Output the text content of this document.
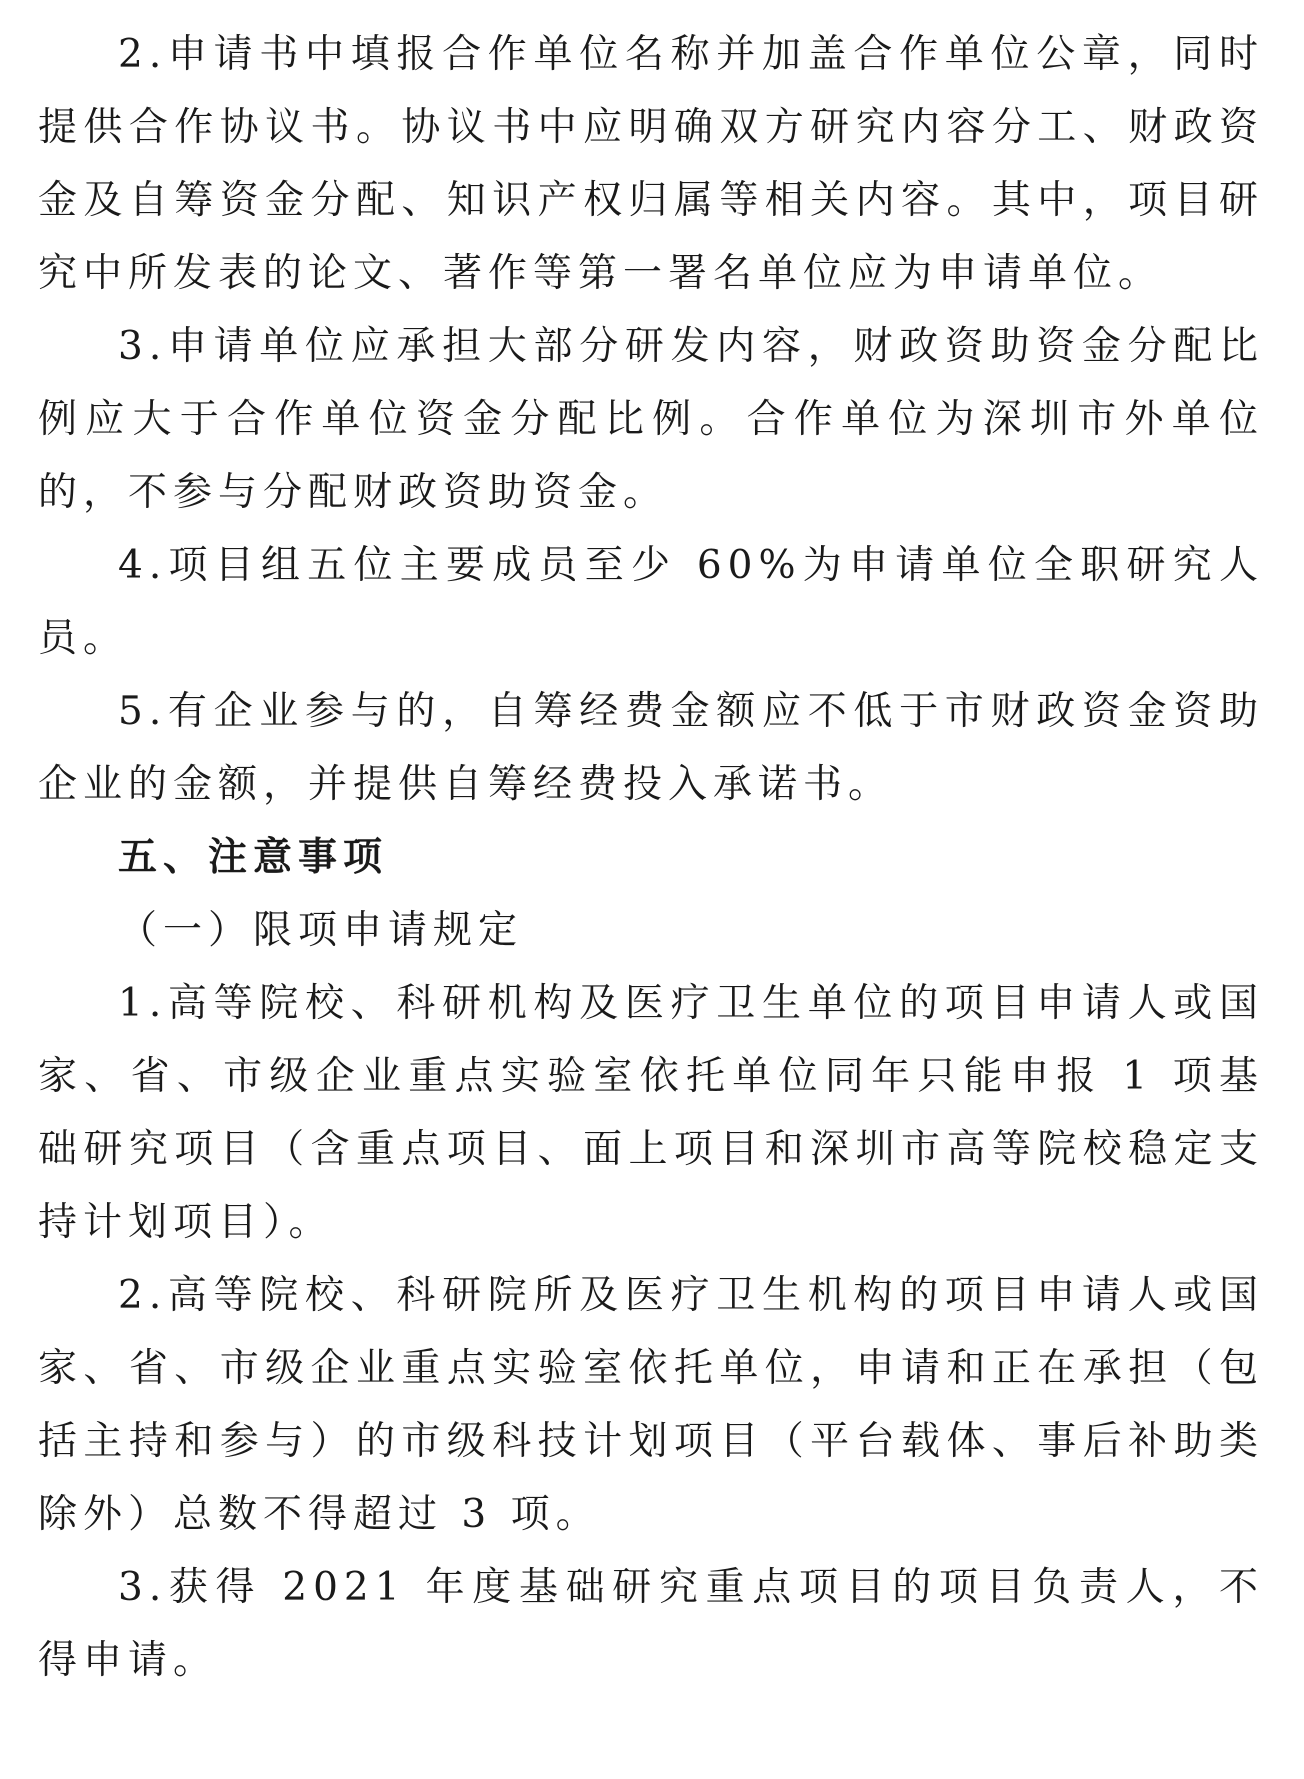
2.申请书中填报合作单位名称并加盖合作单位公章，同时提供合作协议书。协议书中应明确双方研究内容分工、财政资金及自筹资金分配、知识产权归属等相关内容。其中，项目研究中所发表的论文、著作等第一署名单位应为申请单位。

3.申请单位应承担大部分研发内容，财政资助资金分配比例应大于合作单位资金分配比例。合作单位为深圳市外单位的，不参与分配财政资助资金。

4.项目组五位主要成员至少 60%为申请单位全职研究人员。

5.有企业参与的，自筹经费金额应不低于市财政资金资助企业的金额，并提供自筹经费投入承诺书。

五、注意事项

（一）限项申请规定

1.高等院校、科研机构及医疗卫生单位的项目申请人或国家、省、市级企业重点实验室依托单位同年只能申报 1 项基础研究项目（含重点项目、面上项目和深圳市高等院校稳定支持计划项目）。

2.高等院校、科研院所及医疗卫生机构的项目申请人或国家、省、市级企业重点实验室依托单位，申请和正在承担（包括主持和参与）的市级科技计划项目（平台载体、事后补助类除外）总数不得超过 3 项。

3.获得 2021 年度基础研究重点项目的项目负责人，不得申请。
